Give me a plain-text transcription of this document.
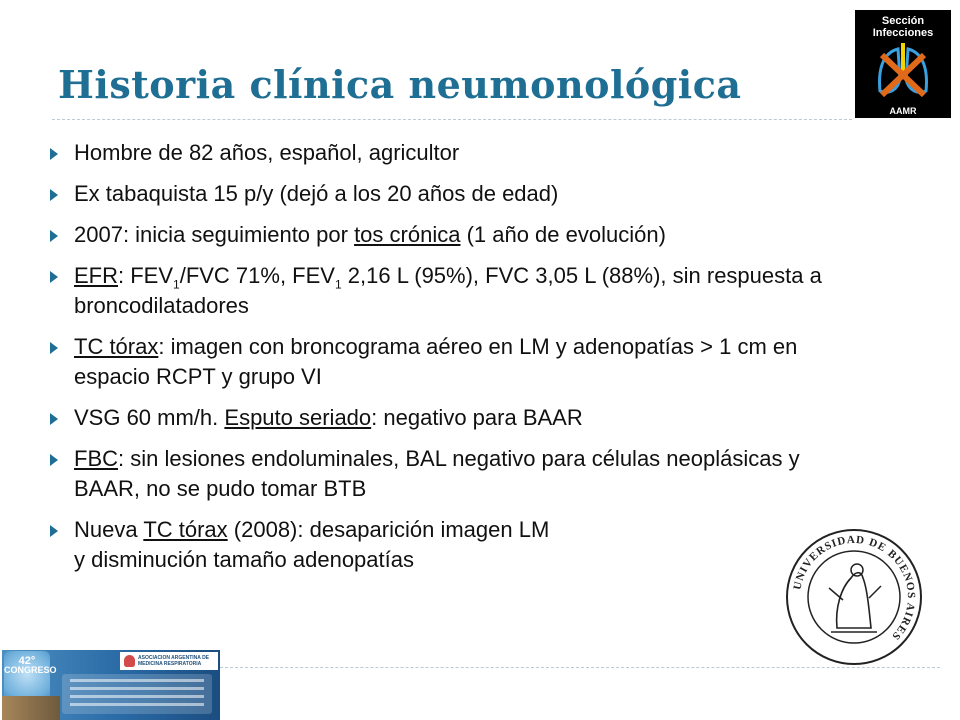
Historia clínica neumonológica
Sección Infecciones
AAMR
Hombre de 82 años, español, agricultor
Ex tabaquista 15 p/y (dejó a los 20 años de edad)
2007: inicia seguimiento por tos crónica (1 año de evolución)
EFR: $FEV_1$/FVC 71%, $FEV_1$ 2,16 L (95%), FVC 3,05 L (88%), sin respuesta a broncodilatadores
TC tórax: imagen con broncograma aéreo en LM y adenopatías > 1 cm en espacio RCPT y grupo VI
VSG 60 mm/h. Esputo seriado: negativo para BAAR
FBC: sin lesiones endoluminales, BAL negativo para células neoplásicas y BAAR, no se pudo tomar BTB
Nueva TC tórax (2008): desaparición imagen LM
y disminución tamaño adenopatías
UNIVERSIDAD DE BUENOS AIRES
42°
CONGRESO
ASOCIACION ARGENTINA DE MEDICINA RESPIRATORIA
